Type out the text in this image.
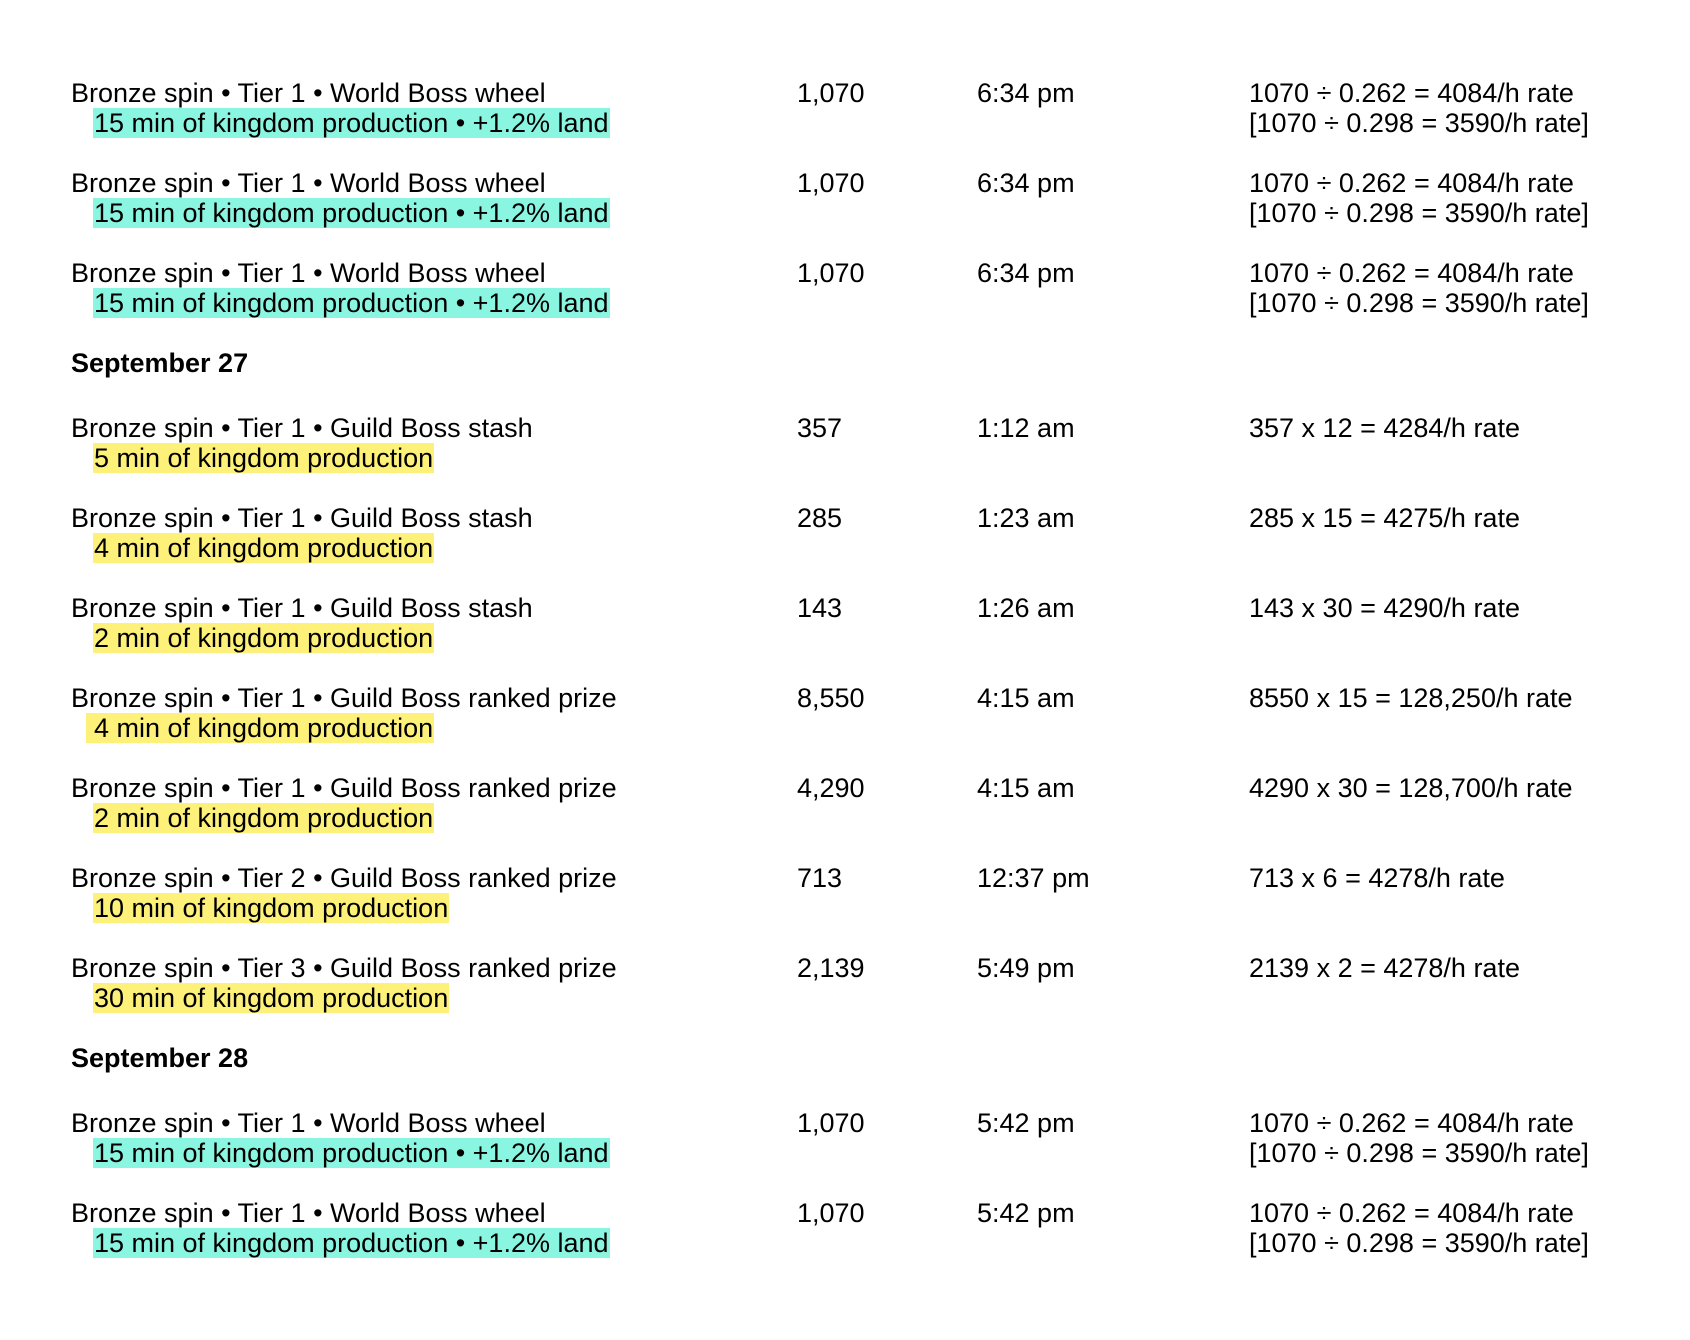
Bronze spin • Tier 1 • World Boss wheel
15 min of kingdom production • +1.2% land
1,070	6:34 pm	1070 ÷ 0.262 = 4084/h rate
[1070 ÷ 0.298 = 3590/h rate]
Bronze spin • Tier 1 • World Boss wheel
15 min of kingdom production • +1.2% land
1,070	6:34 pm	1070 ÷ 0.262 = 4084/h rate
[1070 ÷ 0.298 = 3590/h rate]
Bronze spin • Tier 1 • World Boss wheel
15 min of kingdom production • +1.2% land
1,070	6:34 pm	1070 ÷ 0.262 = 4084/h rate
[1070 ÷ 0.298 = 3590/h rate]
September 27
Bronze spin • Tier 1 • Guild Boss stash
5 min of kingdom production
357	1:12 am	357 x 12 = 4284/h rate
Bronze spin • Tier 1 • Guild Boss stash
4 min of kingdom production
285	1:23 am	285 x 15 = 4275/h rate
Bronze spin • Tier 1 • Guild Boss stash
2 min of kingdom production
143	1:26 am	143 x 30 = 4290/h rate
Bronze spin • Tier 1 • Guild Boss ranked prize
4 min of kingdom production
8,550	4:15 am	8550 x 15 = 128,250/h rate
Bronze spin • Tier 1 • Guild Boss ranked prize
2 min of kingdom production
4,290	4:15 am	4290 x 30 = 128,700/h rate
Bronze spin • Tier 2 • Guild Boss ranked prize
10 min of kingdom production
713	12:37 pm	713 x 6 = 4278/h rate
Bronze spin • Tier 3 • Guild Boss ranked prize
30 min of kingdom production
2,139	5:49 pm	2139 x 2 = 4278/h rate
September 28
Bronze spin • Tier 1 • World Boss wheel
15 min of kingdom production • +1.2% land
1,070	5:42 pm	1070 ÷ 0.262 = 4084/h rate
[1070 ÷ 0.298 = 3590/h rate]
Bronze spin • Tier 1 • World Boss wheel
15 min of kingdom production • +1.2% land
1,070	5:42 pm	1070 ÷ 0.262 = 4084/h rate
[1070 ÷ 0.298 = 3590/h rate]
